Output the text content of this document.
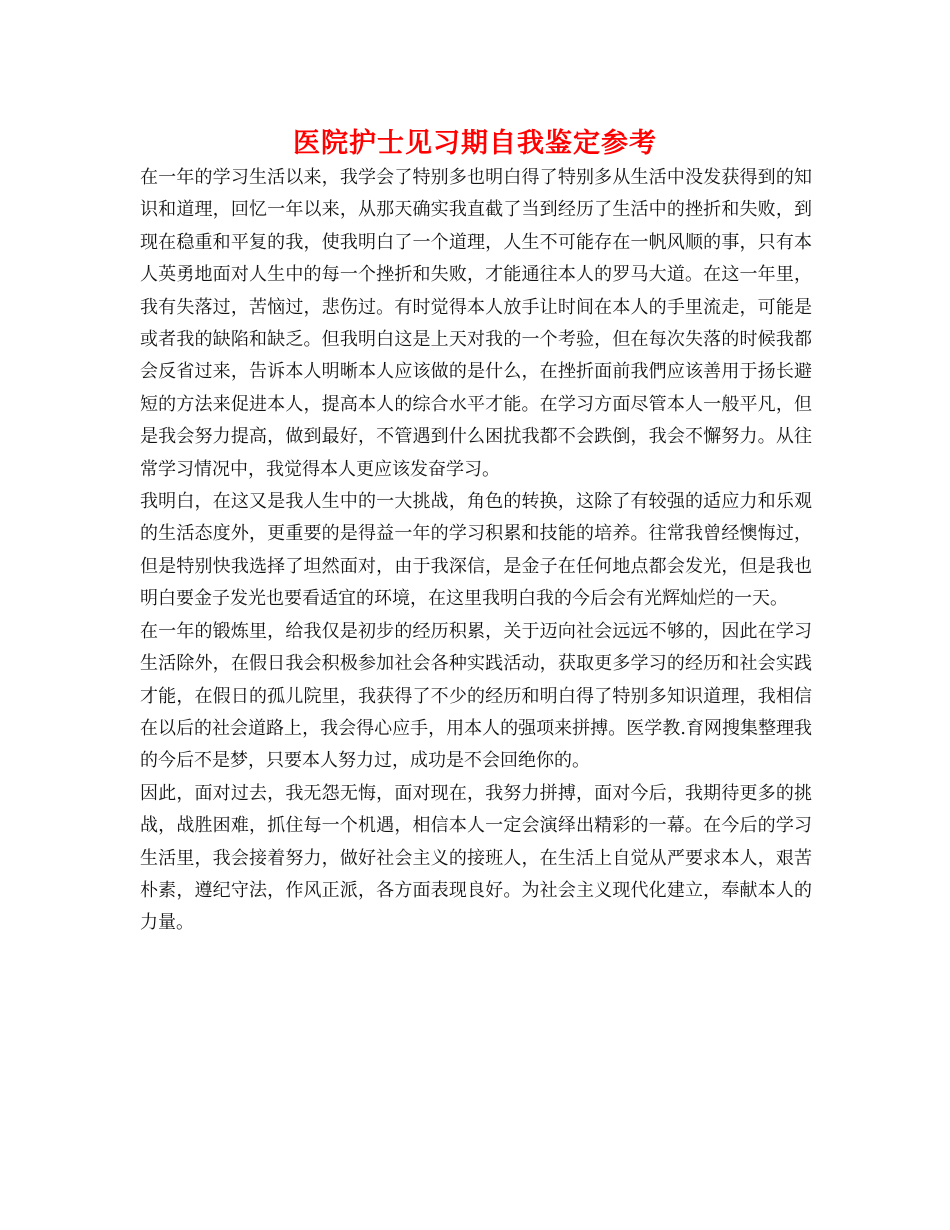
医院护士见习期自我鉴定参考

在一年的学习生活以来，我学会了特别多也明白得了特别多从生活中没发获得到的知识和道理，回忆一年以来，从那天确实我直截了当到经历了生活中的挫折和失败，到现在稳重和平复的我，使我明白了一个道理，人生不可能存在一帆风顺的事，只有本人英勇地面对人生中的每一个挫折和失败，才能通往本人的罗马大道。在这一年里，我有失落过，苦恼过，悲伤过。有时觉得本人放手让时间在本人的手里流走，可能是或者我的缺陷和缺乏。但我明白这是上天对我的一个考验，但在每次失落的时候我都会反省过来，告诉本人明晰本人应该做的是什么，在挫折面前我們应该善用于扬长避短的方法来促进本人，提高本人的综合水平才能。在学习方面尽管本人一般平凡，但是我会努力提高，做到最好，不管遇到什么困扰我都不会跌倒，我会不懈努力。从往常学习情况中，我觉得本人更应该发奋学习。

我明白，在这又是我人生中的一大挑战，角色的转换，这除了有较强的适应力和乐观的生活态度外，更重要的是得益一年的学习积累和技能的培养。往常我曾经懊悔过，但是特别快我选择了坦然面对，由于我深信，是金子在任何地点都会发光，但是我也明白要金子发光也要看适宜的环境，在这里我明白我的今后会有光辉灿烂的一天。

在一年的锻炼里，给我仅是初步的经历积累，关于迈向社会远远不够的，因此在学习生活除外，在假日我会积极参加社会各种实践活动，获取更多学习的经历和社会实践才能，在假日的孤儿院里，我获得了不少的经历和明白得了特别多知识道理，我相信在以后的社会道路上，我会得心应手，用本人的强项来拼搏。医学教.育网搜集整理我的今后不是梦，只要本人努力过，成功是不会回绝你的。

因此，面对过去，我无怨无悔，面对现在，我努力拼搏，面对今后，我期待更多的挑战，战胜困难，抓住每一个机遇，相信本人一定会演绎出精彩的一幕。在今后的学习生活里，我会接着努力，做好社会主义的接班人，在生活上自觉从严要求本人，艰苦朴素，遵纪守法，作风正派，各方面表现良好。为社会主义现代化建立，奉献本人的力量。
